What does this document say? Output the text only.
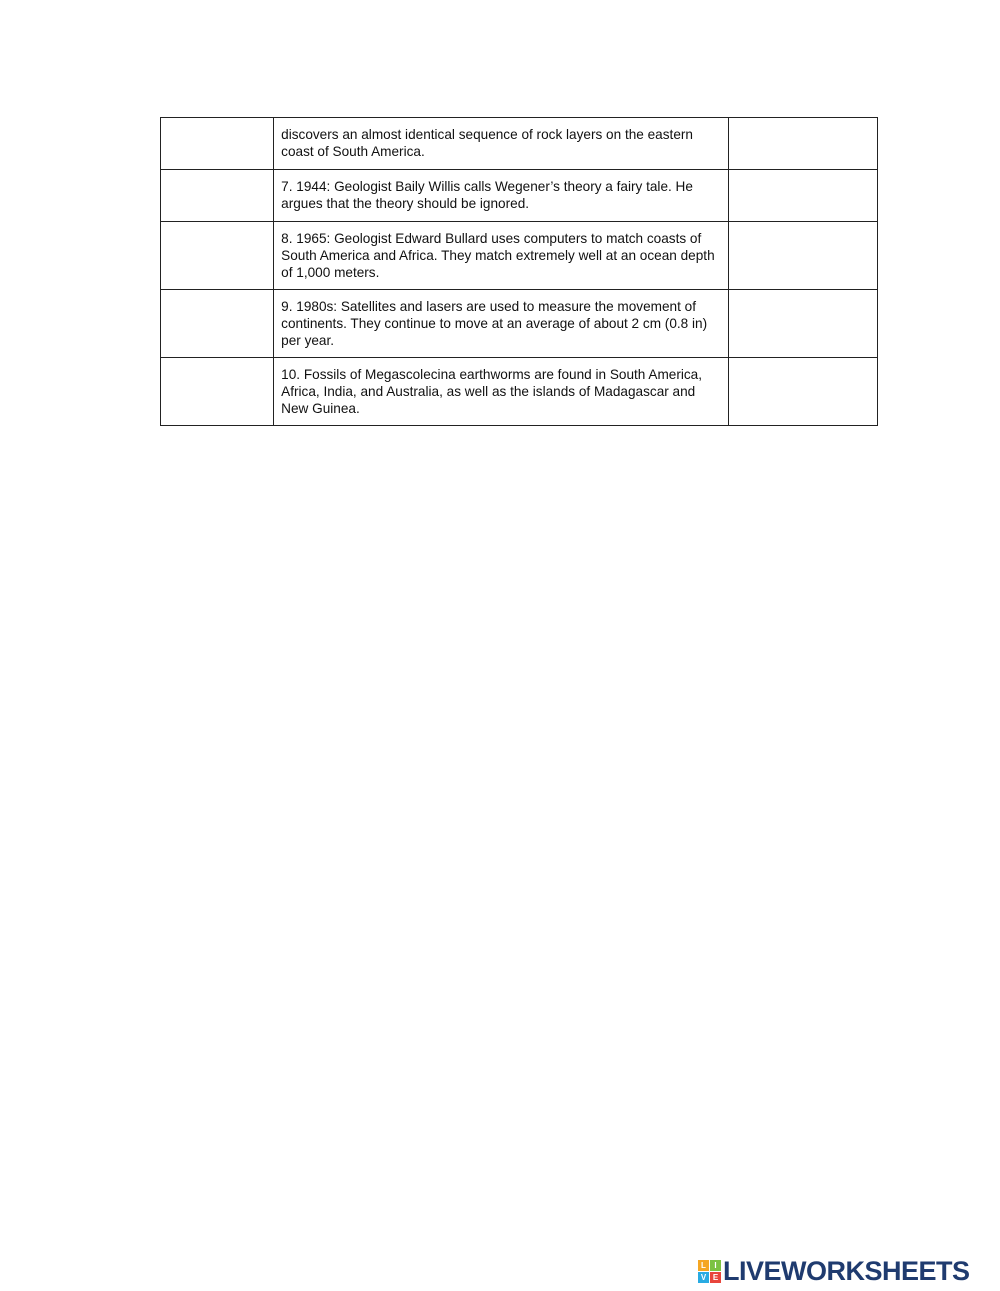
	discovers an almost identical sequence of rock layers on the eastern coast of South America.	

	7. 1944: Geologist Baily Willis calls Wegener’s theory a fairy tale. He argues that the theory should be ignored.	

	8. 1965: Geologist Edward Bullard uses computers to match coasts of South America and Africa. They match extremely well at an ocean depth of 1,000 meters.	

	9. 1980s: Satellites and lasers are used to measure the movement of continents. They continue to move at an average of about 2 cm (0.8 in) per year.	

	10. Fossils of Megascolecina earthworms are found in South America, Africa, India, and Australia, as well as the islands of Madagascar and New Guinea.	

L	I
V E LIVEWORKSHEETS
